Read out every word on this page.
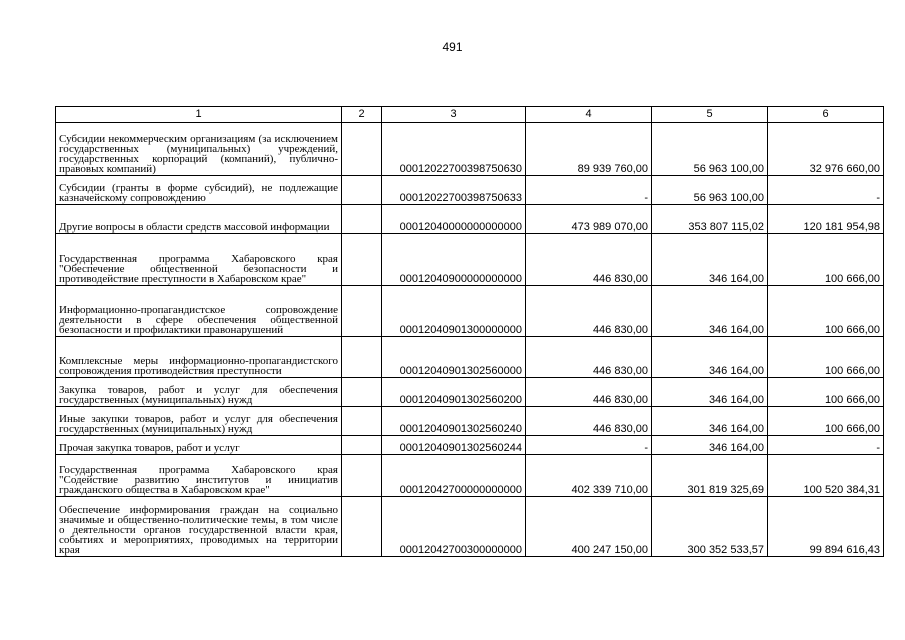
491
1	2	3	4	5	6
Субсидии некоммерческим организациям (за исключением государственных (муниципальных) учреждений, государственных корпораций (компаний), публично-правовых компаний)		00012022700398750630	89 939 760,00	56 963 100,00	32 976 660,00
Субсидии (гранты в форме субсидий), не подлежащие казначейскому сопровождению		00012022700398750633	-	56 963 100,00	-
Другие вопросы в области средств массовой информации		00012040000000000000	473 989 070,00	353 807 115,02	120 181 954,98
Государственная программа Хабаровского края "Обеспечение общественной безопасности и противодействие преступности в Хабаровском крае"		00012040900000000000	446 830,00	346 164,00	100 666,00
Информационно-пропагандистское сопровождение деятельности в сфере обеспечения общественной безопасности и профилактики правонарушений		00012040901300000000	446 830,00	346 164,00	100 666,00
Комплексные меры информационно-пропагандистского сопровождения противодействия преступности		00012040901302560000	446 830,00	346 164,00	100 666,00
Закупка товаров, работ и услуг для обеспечения государственных (муниципальных) нужд		00012040901302560200	446 830,00	346 164,00	100 666,00
Иные закупки товаров, работ и услуг для обеспечения государственных (муниципальных) нужд		00012040901302560240	446 830,00	346 164,00	100 666,00
Прочая закупка товаров, работ и услуг		00012040901302560244	-	346 164,00	-
Государственная программа Хабаровского края "Содействие развитию институтов и инициатив гражданского общества в Хабаровском крае"		00012042700000000000	402 339 710,00	301 819 325,69	100 520 384,31
Обеспечение информирования граждан на социально значимые и общественно-политические темы, в том числе о деятельности органов государственной власти края, событиях и мероприятиях, проводимых на территории края		00012042700300000000	400 247 150,00	300 352 533,57	99 894 616,43
